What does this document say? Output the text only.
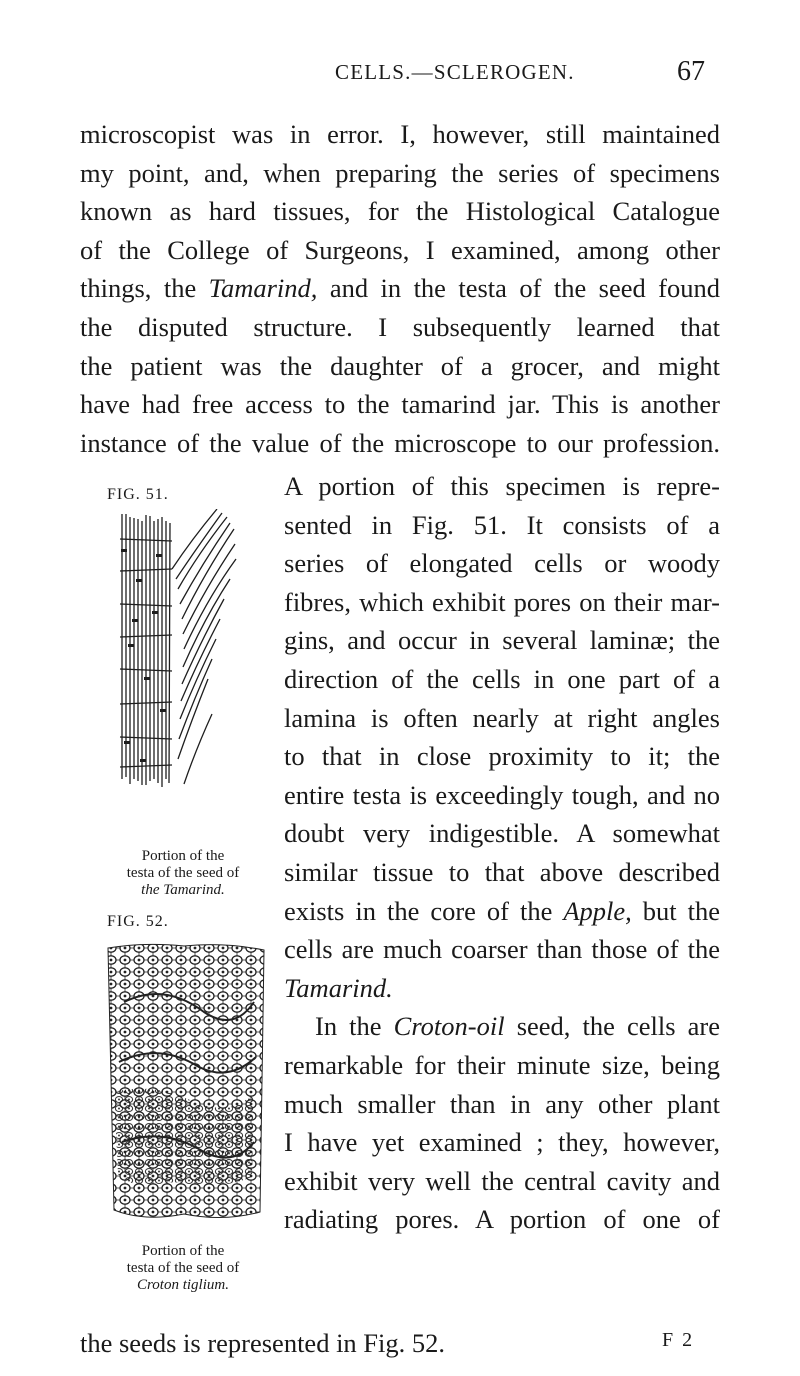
CELLS.—SCLEROGEN.	67
microscopist was in error. I, however, still maintained
my point, and, when preparing the series of specimens
known as hard tissues, for the Histological Catalogue
of the College of Surgeons, I examined, among other
things, the Tamarind, and in the testa of the seed found
the disputed structure. I subsequently learned that
the patient was the daughter of a grocer, and might
have had free access to the tamarind jar. This is another
instance of the value of the microscope to our profession.
FIG. 51.
Portion of the
testa of the seed of
the Tamarind.
FIG. 52.
Portion of the
testa of the seed of
Croton tiglium.
A portion of this specimen is repre-
sented in Fig. 51. It consists of a
series of elongated cells or woody
fibres, which exhibit pores on their mar-
gins, and occur in several laminæ; the
direction of the cells in one part of a
lamina is often nearly at right angles
to that in close proximity to it; the
entire testa is exceedingly tough, and no
doubt very indigestible. A somewhat
similar tissue to that above described
exists in the core of the Apple, but the
cells are much coarser than those of the
Tamarind.
In the Croton-oil seed, the cells are
remarkable for their minute size, being
much smaller than in any other plant
I have yet examined ; they, however,
exhibit very well the central cavity and
radiating pores. A portion of one of
the seeds is represented in Fig. 52.	F 2
